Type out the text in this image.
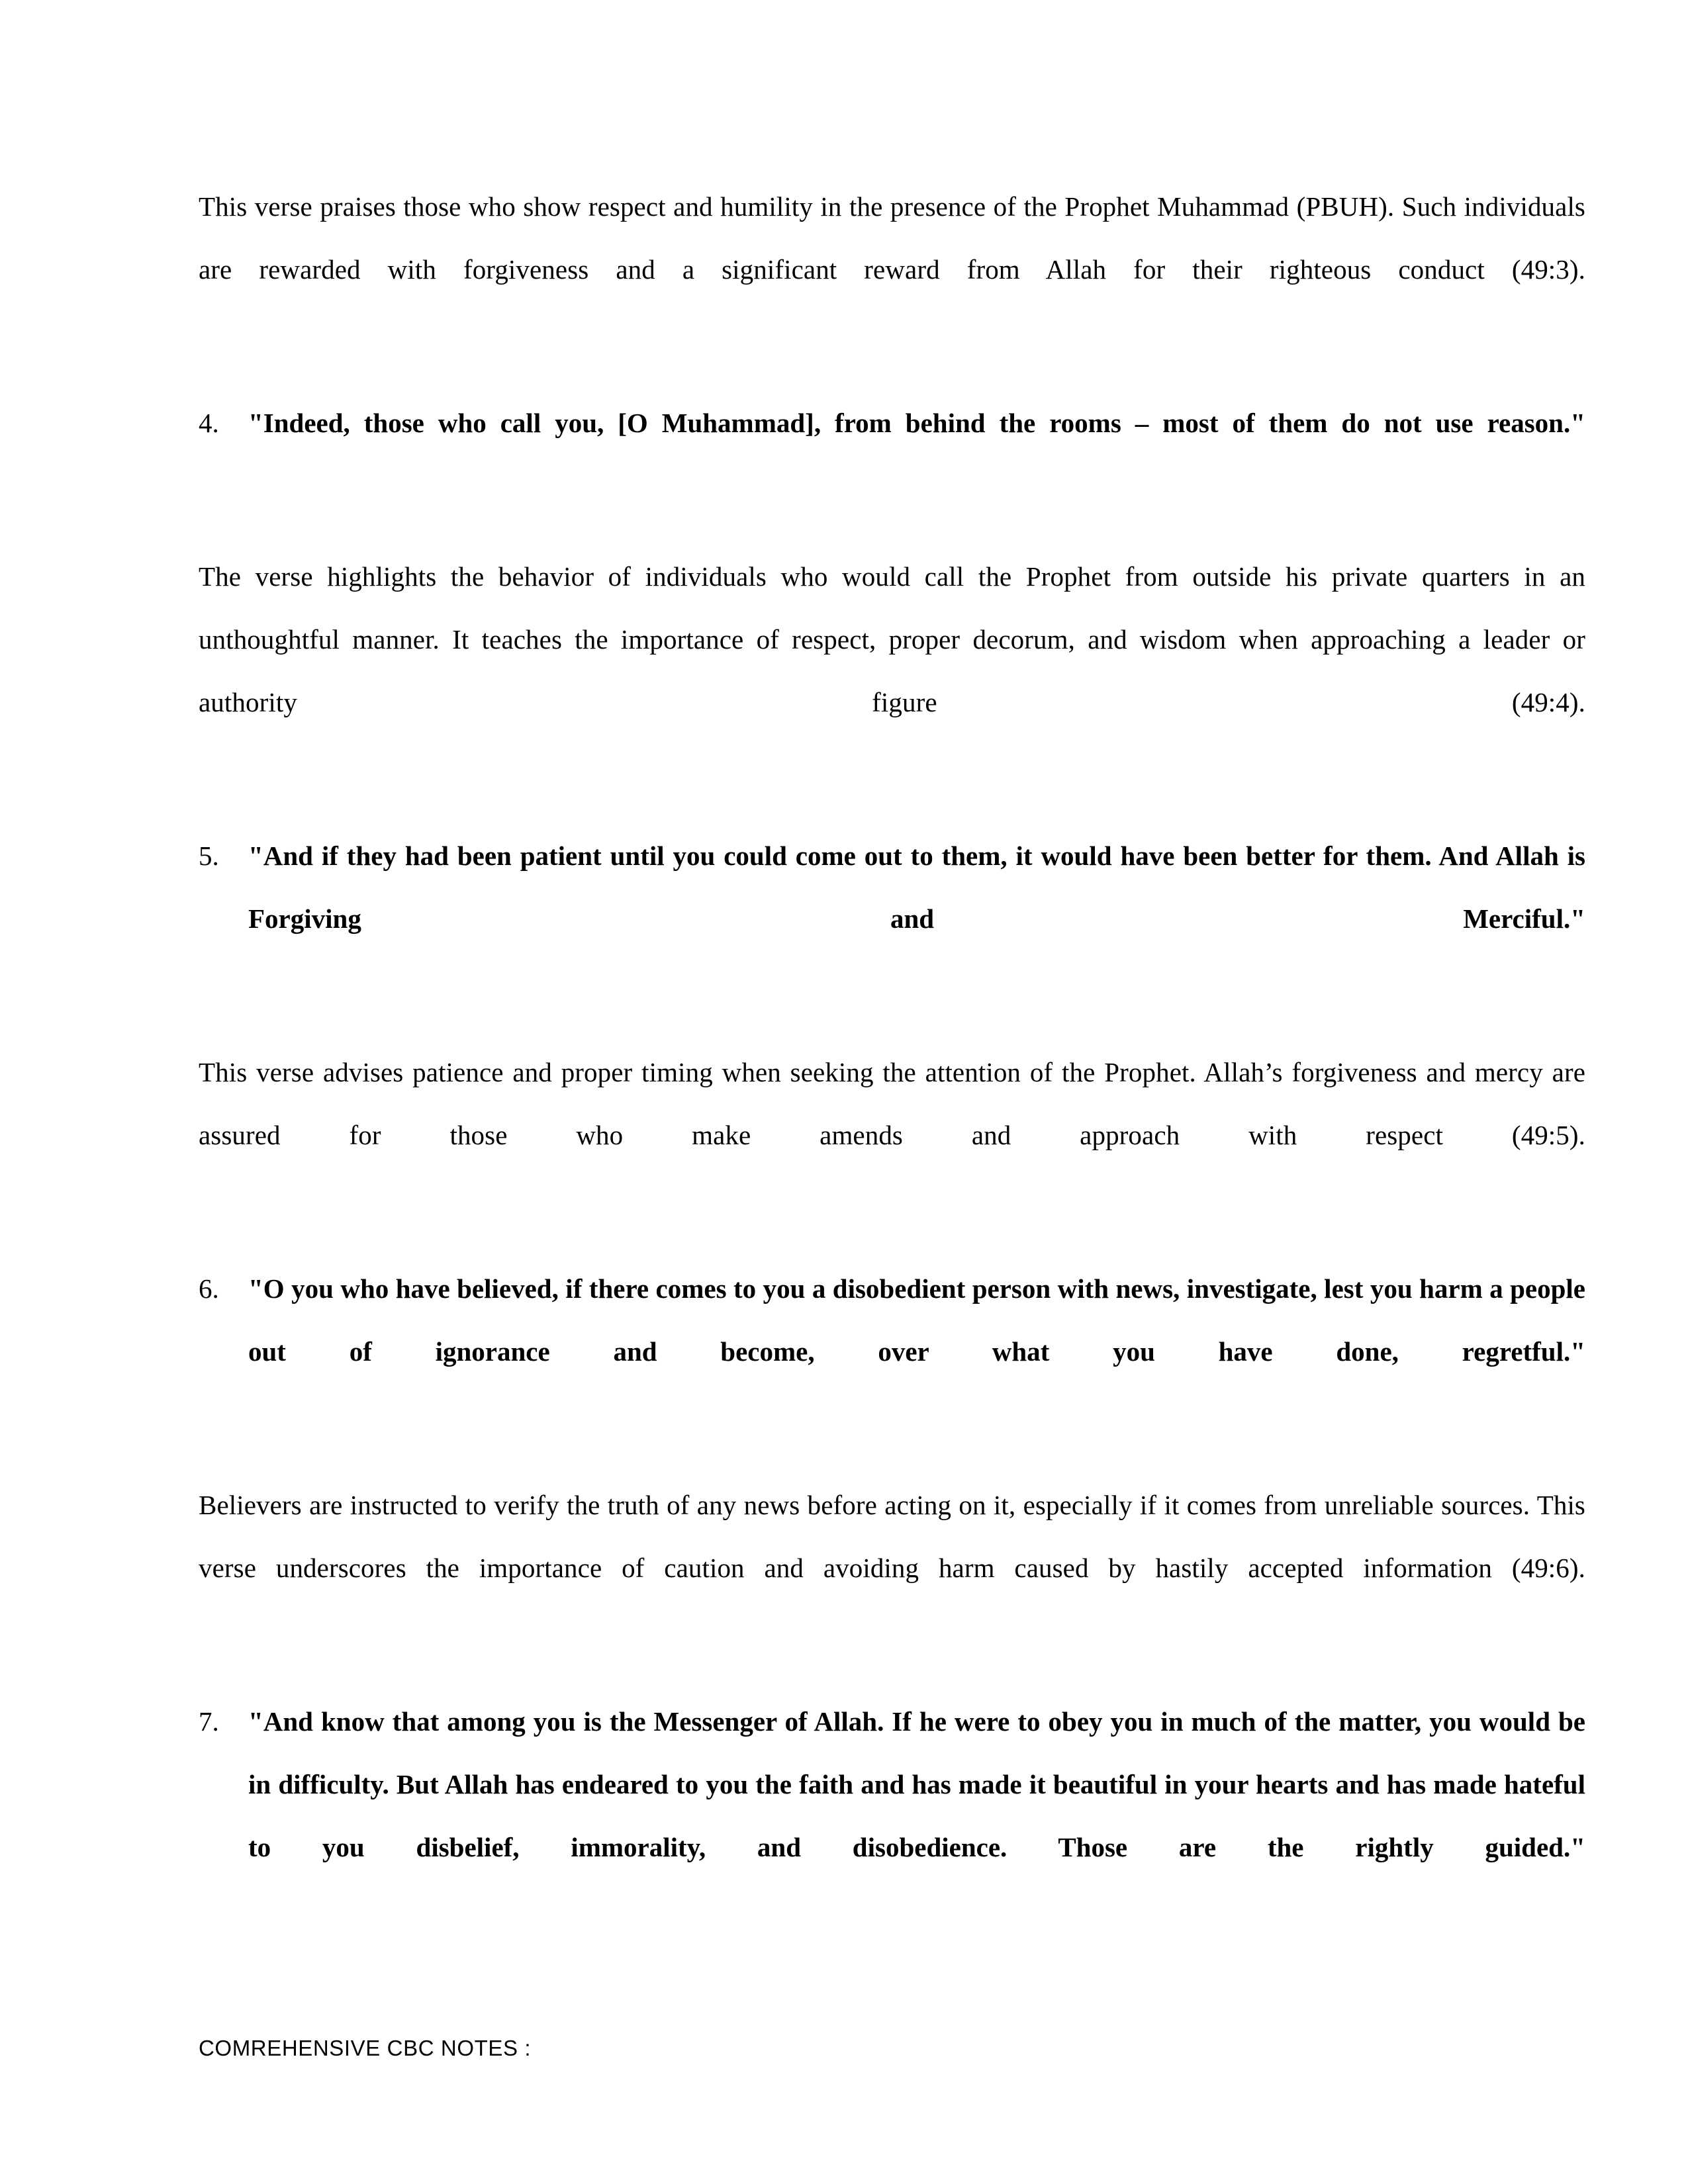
This verse praises those who show respect and humility in the presence of the Prophet Muhammad (PBUH). Such individuals are rewarded with forgiveness and a significant reward from Allah for their righteous conduct (49:3).

4.	"Indeed, those who call you, [O Muhammad], from behind the rooms – most of them do not use reason."

The verse highlights the behavior of individuals who would call the Prophet from outside his private quarters in an unthoughtful manner. It teaches the importance of respect, proper decorum, and wisdom when approaching a leader or authority figure (49:4).

5.	"And if they had been patient until you could come out to them, it would have been better for them. And Allah is Forgiving and Merciful."

This verse advises patience and proper timing when seeking the attention of the Prophet. Allah’s forgiveness and mercy are assured for those who make amends and approach with respect (49:5).

6.	"O you who have believed, if there comes to you a disobedient person with news, investigate, lest you harm a people out of ignorance and become, over what you have done, regretful."

Believers are instructed to verify the truth of any news before acting on it, especially if it comes from unreliable sources. This verse underscores the importance of caution and avoiding harm caused by hastily accepted information (49:6).

7.	"And know that among you is the Messenger of Allah. If he were to obey you in much of the matter, you would be in difficulty. But Allah has endeared to you the faith and has made it beautiful in your hearts and has made hateful to you disbelief, immorality, and disobedience. Those are the rightly guided."
COMREHENSIVE CBC NOTES :
